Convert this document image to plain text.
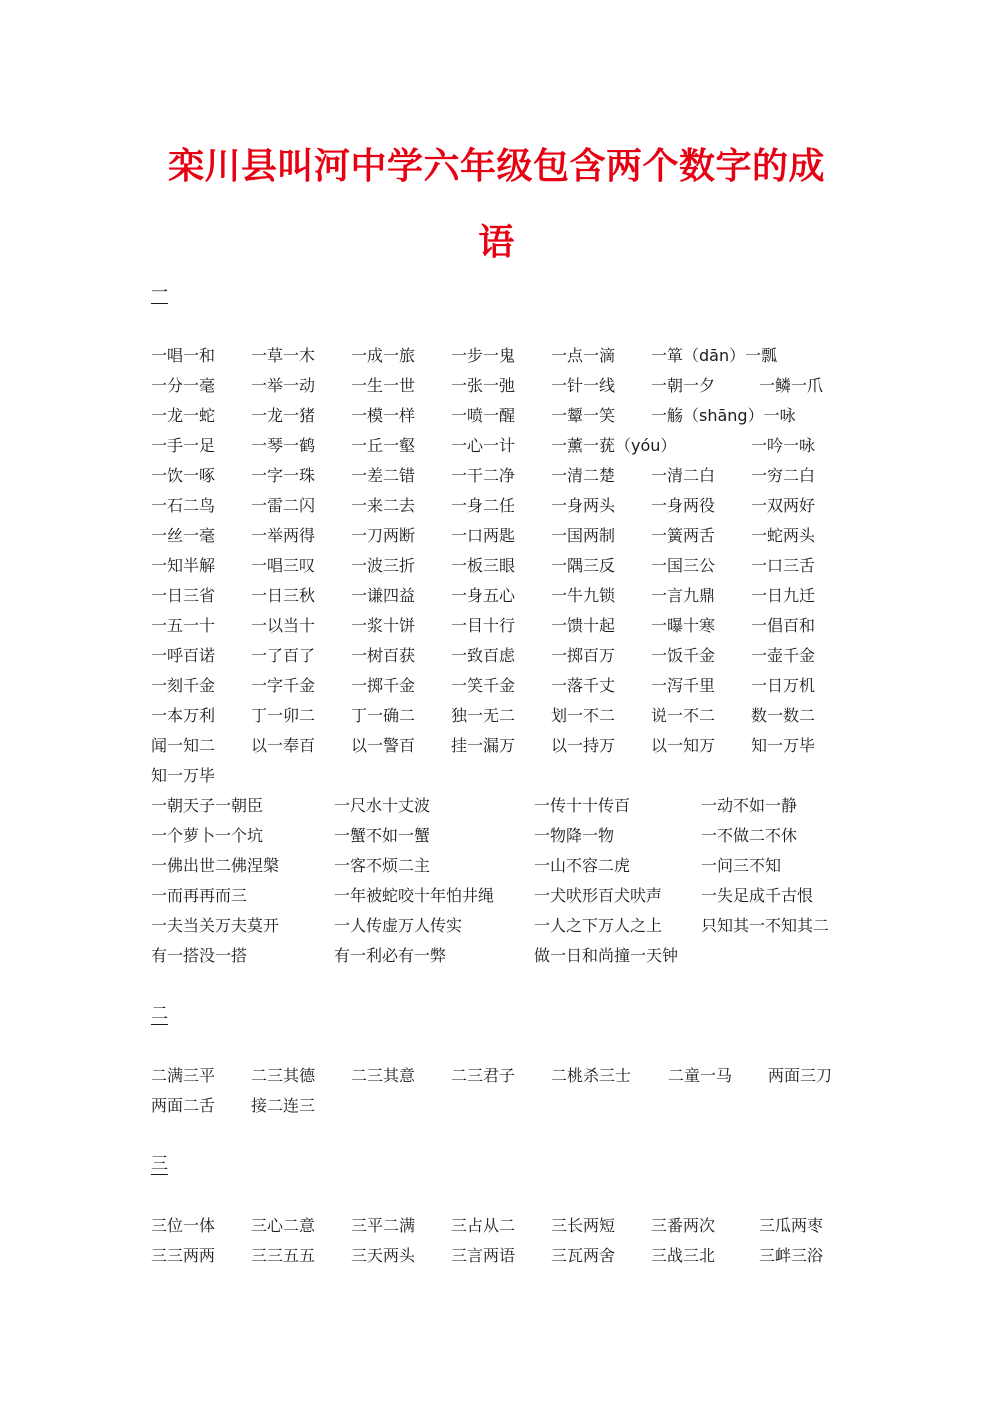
栾川县叫河中学六年级包含两个数字的成
语
一
一唱一和 一草一木 一成一旅 一步一鬼 一点一滴 一箪（dān）一瓢
一分一毫 一举一动 一生一世 一张一弛 一针一线 一朝一夕	一鳞一爪
一龙一蛇 一龙一猪 一模一样 一喷一醒 一颦一笑 一觞（shāng）一咏
一手一足 一琴一鹤 一丘一壑 一心一计 一薰一莸（yóu）	一吟一咏
一饮一啄 一字一珠 一差二错 一干二净 一清二楚 一清二白 一穷二白
一石二鸟 一雷二闪 一来二去 一身二任 一身两头 一身两役 一双两好
一丝一毫 一举两得 一刀两断 一口两匙 一国两制 一簧两舌 一蛇两头
一知半解 一唱三叹 一波三折 一板三眼 一隅三反 一国三公 一口三舌
一日三省 一日三秋 一谦四益 一身五心 一牛九锁 一言九鼎 一日九迁
一五一十 一以当十 一浆十饼 一目十行 一馈十起 一曝十寒 一倡百和
一呼百诺 一了百了 一树百获 一致百虑 一掷百万 一饭千金 一壶千金
一刻千金 一字千金 一掷千金 一笑千金 一落千丈 一泻千里 一日万机
一本万利 丁一卯二 丁一确二 独一无二 划一不二 说一不二 数一数二
闻一知二 以一奉百 以一警百 挂一漏万 以一持万 以一知万 知一万毕
知一万毕
一朝天子一朝臣	一尺水十丈波	一传十十传百	一动不如一静
一个萝卜一个坑	一蟹不如一蟹	一物降一物	一不做二不休
一佛出世二佛涅槃	一客不烦二主	一山不容二虎	一问三不知
一而再再而三	一年被蛇咬十年怕井绳 一犬吠形百犬吠声 一失足成千古恨
一夫当关万夫莫开	一人传虚万人传实	一人之下万人之上 只知其一不知其二
有一搭没一搭	有一利必有一弊	做一日和尚撞一天钟
二
二满三平 二三其德 二三其意 二三君子 二桃杀三士 二童一马 两面三刀
两面二舌 接二连三
三
三位一体 三心二意 三平二满 三占从二 三长两短 三番两次	三瓜两枣
三三两两 三三五五 三天两头 三言两语 三瓦两舍 三战三北	三衅三浴
